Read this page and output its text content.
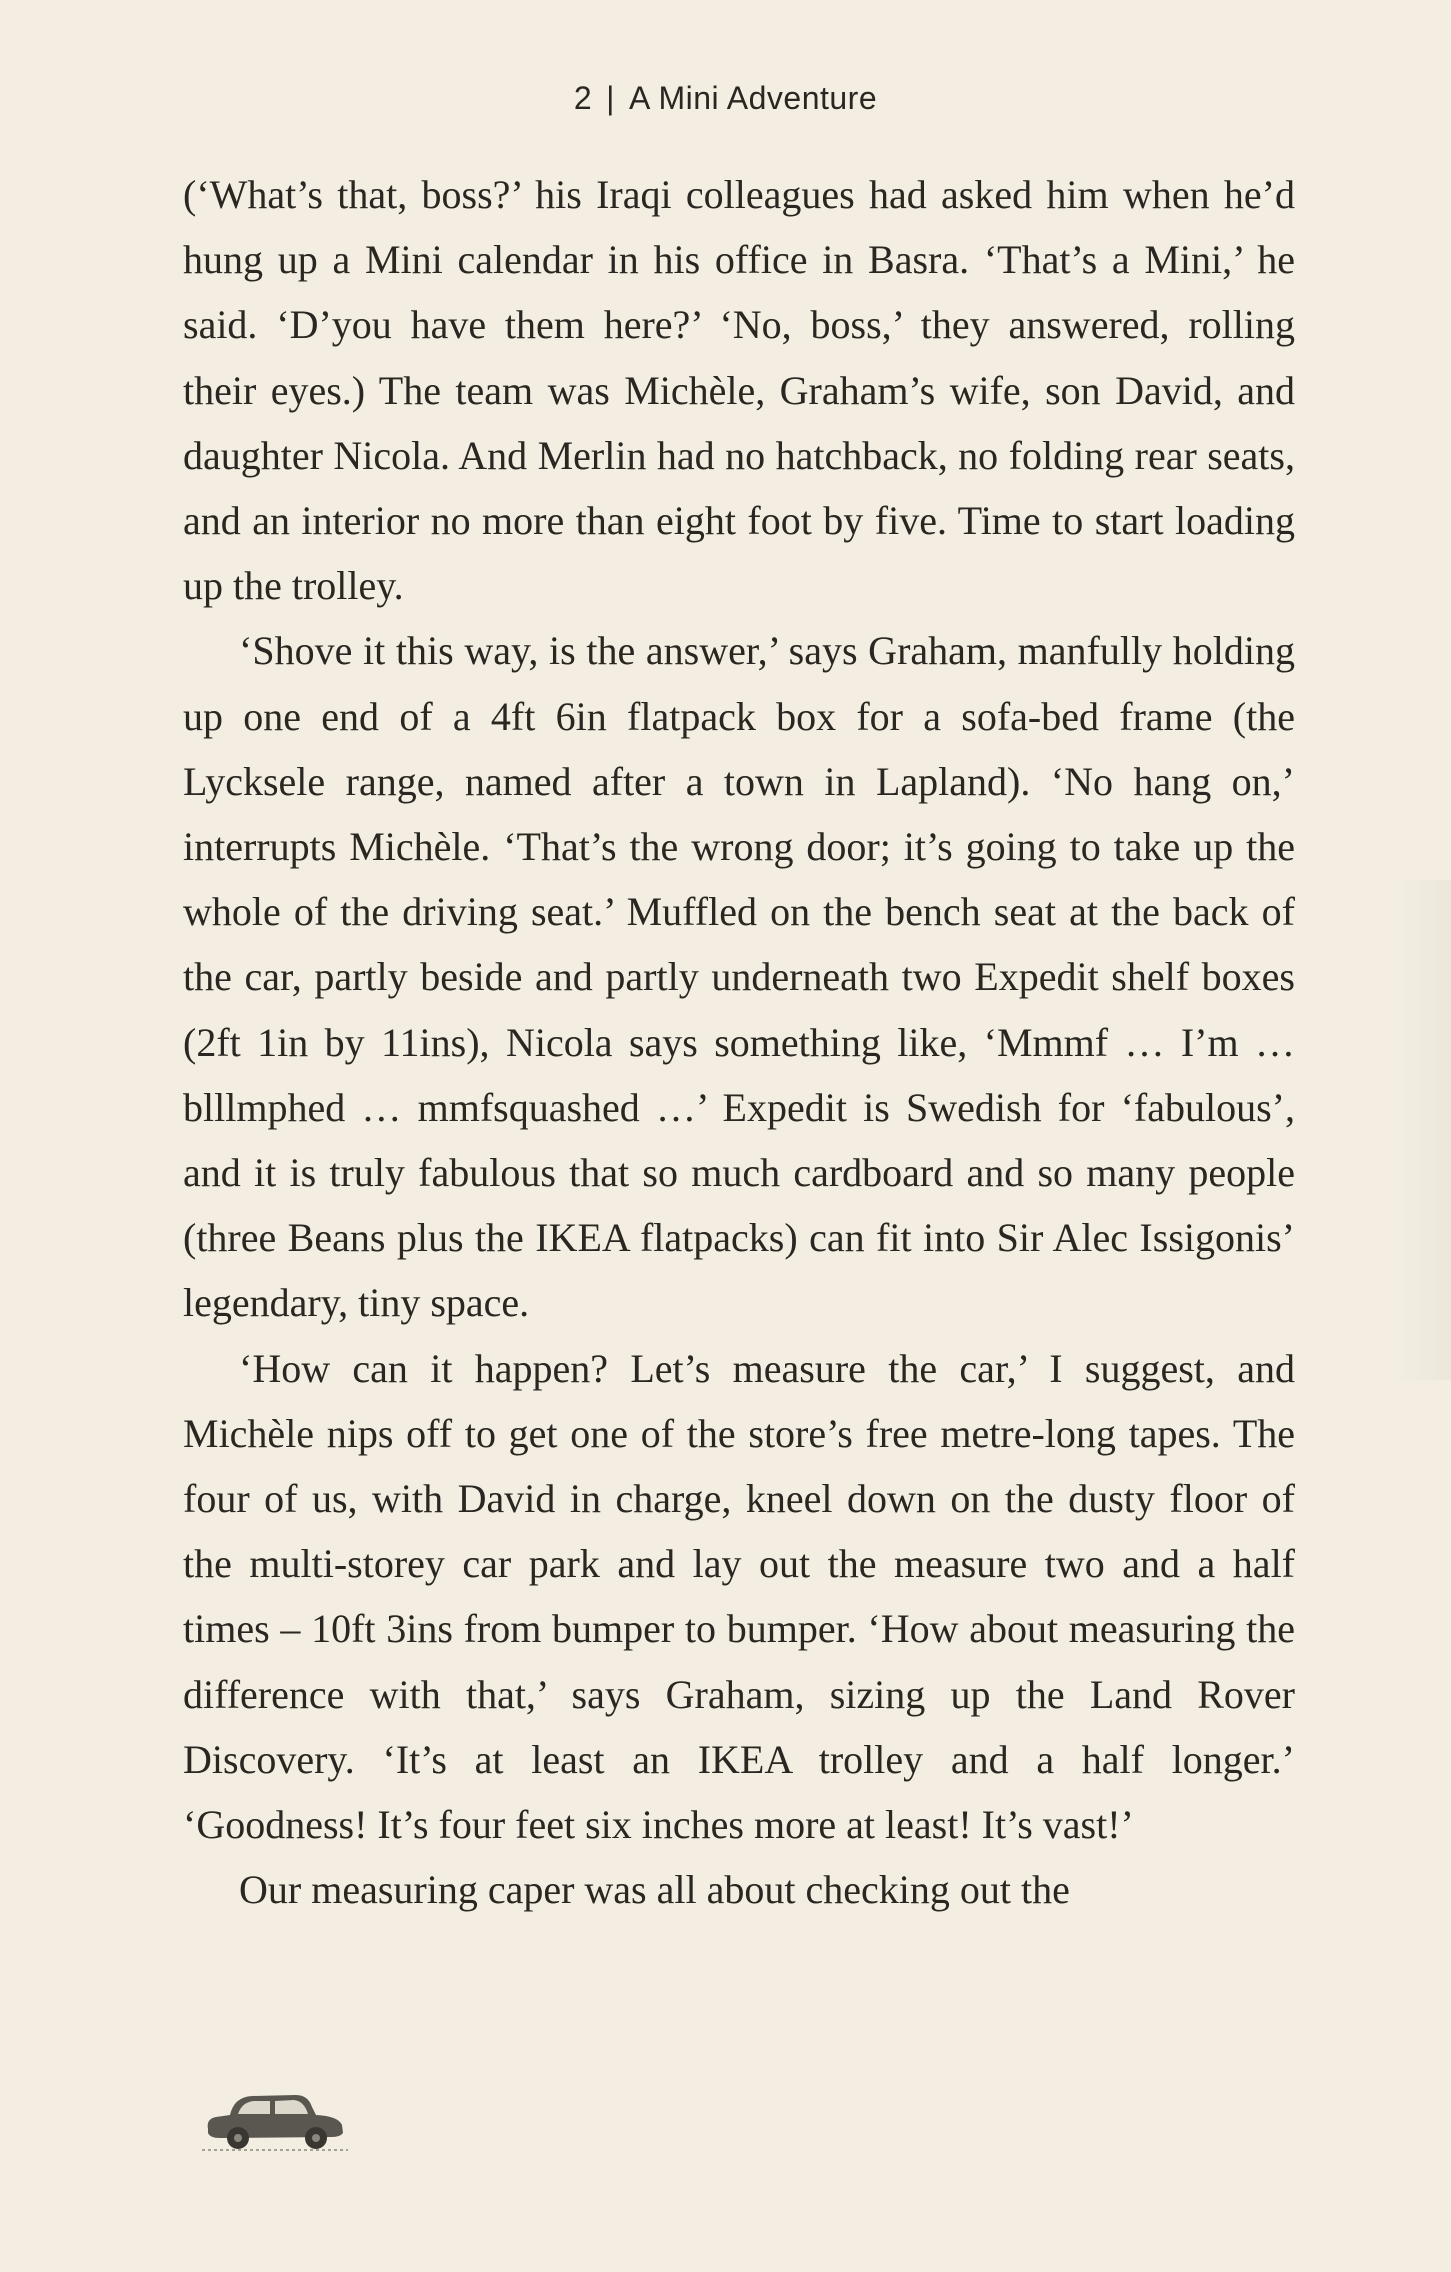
2 | A Mini Adventure

(‘What’s that, boss?’ his Iraqi colleagues had asked him when he’d hung up a Mini calendar in his office in Basra. ‘That’s a Mini,’ he said. ‘D’you have them here?’ ‘No, boss,’ they answered, rolling their eyes.) The team was Michèle, Graham’s wife, son David, and daughter Nicola. And Merlin had no hatchback, no folding rear seats, and an interior no more than eight foot by five. Time to start loading up the trolley.

‘Shove it this way, is the answer,’ says Graham, manfully holding up one end of a 4ft 6in flatpack box for a sofa-bed frame (the Lycksele range, named after a town in Lapland). ‘No hang on,’ interrupts Michèle. ‘That’s the wrong door; it’s going to take up the whole of the driving seat.’ Muffled on the bench seat at the back of the car, partly beside and partly underneath two Expedit shelf boxes (2ft 1in by 11ins), Nicola says something like, ‘Mmmf … I’m … blllmphed … mmfsquashed …’ Expedit is Swedish for ‘fabulous’, and it is truly fabulous that so much cardboard and so many people (three Beans plus the IKEA flatpacks) can fit into Sir Alec Issigonis’ legendary, tiny space.

‘How can it happen? Let’s measure the car,’ I suggest, and Michèle nips off to get one of the store’s free metre-long tapes. The four of us, with David in charge, kneel down on the dusty floor of the multi-storey car park and lay out the measure two and a half times – 10ft 3ins from bumper to bumper. ‘How about measuring the difference with that,’ says Graham, sizing up the Land Rover Discovery. ‘It’s at least an IKEA trolley and a half longer.’ ‘Goodness! It’s four feet six inches more at least! It’s vast!’

Our measuring caper was all about checking out the
